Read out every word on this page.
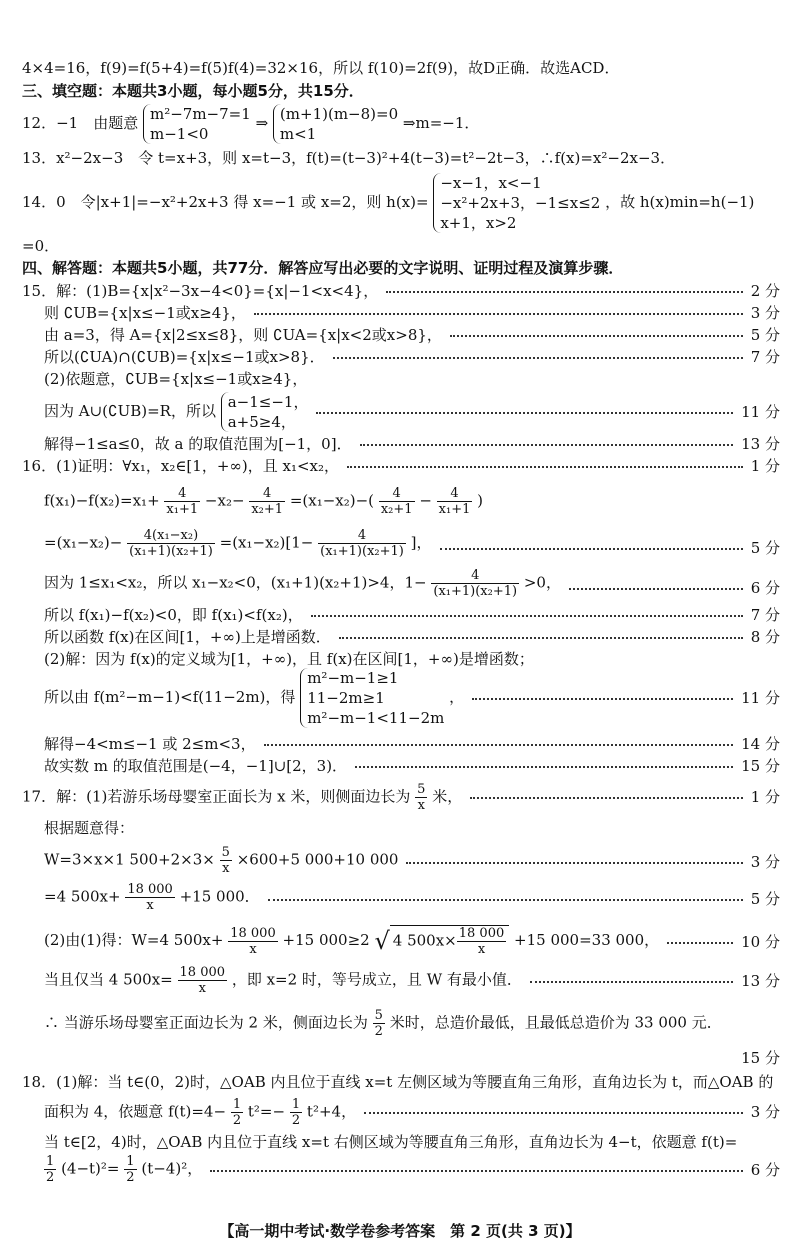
4×4=16，f(9)=f(5+4)=f(5)f(4)=32×16，所以 f(10)=2f(9)，故D正确．故选ACD．
三、填空题：本题共3小题，每小题5分，共15分．
12．−1　由题意 m²−7m−7=1
m−1<0
⇒ (m+1)(m−8)=0
m<1
⇒m=−1．
13．x²−2x−3　令 t=x+3，则 x=t−3，f(t)=(t−3)²+4(t−3)=t²−2t−3，∴f(x)=x²−2x−3．
14．0　令|x+1|=−x²+2x+3 得 x=−1 或 x=2，则 h(x)=
−x−1，x<−1
−x²+2x+3，−1≤x≤2
x+1，x>2
，故 h(x)min=h(−1)
=0．
四、解答题：本题共5小题，共77分．解答应写出必要的文字说明、证明过程及演算步骤．
15．解：(1)B={x|x²−3x−4<0}={x|−1<x<4}，	2 分
则 ∁UB={x|x≤−1或x≥4}，	3 分
由 a=3，得 A={x|2≤x≤8}，则 ∁UA={x|x<2或x>8}，	5 分
所以(∁UA)∩(∁UB)={x|x≤−1或x>8}．	7 分
(2)依题意，∁UB={x|x≤−1或x≥4}，
因为 A∪(∁UB)=R，所以 a−1≤−1，
a+5≥4，
11 分
解得−1≤a≤0，故 a 的取值范围为[−1，0]．	13 分
16．(1)证明：∀x₁，x₂∈[1，+∞)，且 x₁<x₂，	1 分
$f(x_1)-f(x_2)=x_1+ \frac{4}{\text{x₁+1}} -x_2- \frac{4}{\text{x₂+1}} =(x_1-x_2)-( \frac{4}{\text{x₂+1}} - \frac{4}{\text{x₁+1}}$ )
$=(x_1-x_2)- \frac{\text{4(x₁−x₂)}}{\text{(x₁+1)(x₂+1)}} =(x_1-x_2)[1- \frac{4}{\text{(x₁+1)(x₂+1)}}$ ]，	5 分
因为 1≤x₁<x₂，所以 x₁−x₂<0，(x₁+1)(x₂+1)>4，$1- \frac{4}{\text{(x₁+1)(x₂+1)}} >0$，	6 分
所以 f(x₁)−f(x₂)<0，即 f(x₁)<f(x₂)，	7 分
所以函数 f(x)在区间[1，+∞)上是增函数．	8 分
(2)解：因为 f(x)的定义域为[1，+∞)，且 f(x)在区间[1，+∞)是增函数；
所以由 f(m²−m−1)<f(11−2m)，得
m²−m−1≥1
11−2m≥1
m²−m−1<11−2m
，	11 分
解得−4<m≤−1 或 2≤m<3，	14 分
故实数 m 的取值范围是(−4，−1]∪[2，3)．	15 分
17．解：(1)若游乐场母婴室正面长为 x 米，则侧面边长为 $\frac{5}{x}$ 米，	1 分
根据题意得：
W=3×x×1 $500+2\times 3\times \frac{5}{x} \times 600+5$ 000+10 000	3 分
=4 $500x+ \frac{18 000}{x} +15$ 000．	5 分
(2)由(1)得：W=4 $500x+ \frac{18 000}{x} +15$ 000≥2 √ 4 $500x\times \frac{18 000}{x} +15$ 000=33 000，	10 分
当且仅当 4 $500x= \frac{18 000}{x}$ ，即 x=2 时，等号成立，且 W 有最小值．	13 分
∴ 当游乐场母婴室正面边长为 2 米，侧面边长为 $\frac{5}{2}$ 米时，总造价最低，且最低总造价为 33 000 元．
15 分
18．(1)解：当 t∈(0，2)时，△OAB 内且位于直线 x=t 左侧区域为等腰直角三角形，直角边长为 t，而△OAB 的
面积为 4，依题意 $f(t)=4- \frac{1}{2} t^2=- \frac{1}{2} t^2+4$，	3 分
当 t∈[2，4)时，△OAB 内且位于直线 x=t 右侧区域为等腰直角三角形，直角边长为 4−t，依题意 f(t)=
$\frac{1}{2} (4-t)^2= \frac{1}{2} (t-4)^2$，	6 分
【高一期中考试·数学卷参考答案　第 2 页(共 3 页)】
